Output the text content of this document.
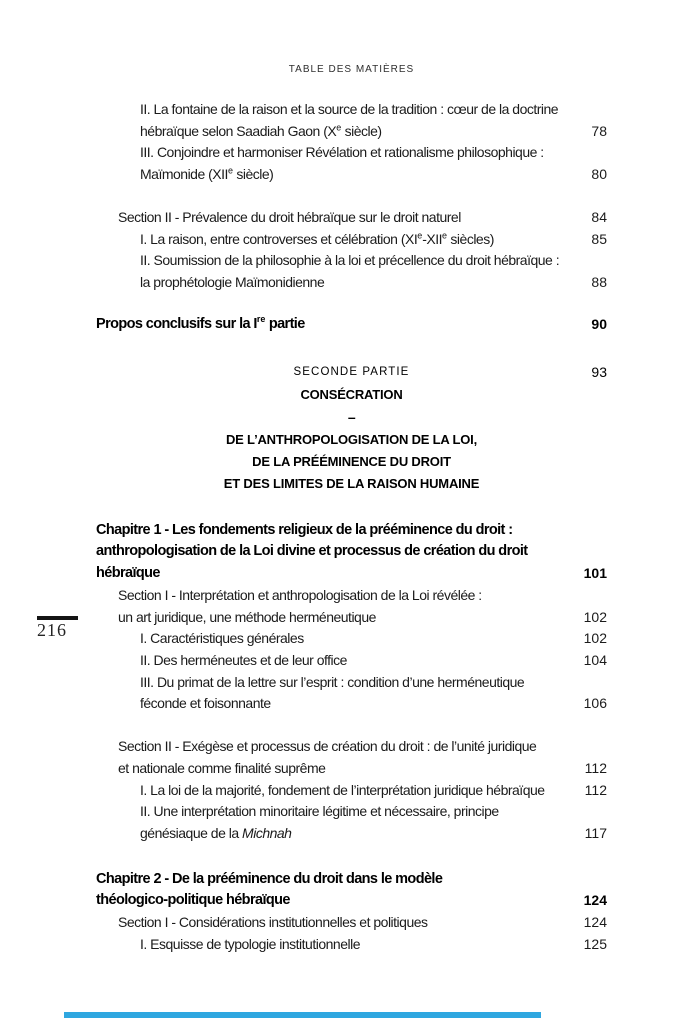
TABLE DES MATIÈRES
II. La fontaine de la raison et la source de la tradition : cœur de la doctrine
hébraïque selon Saadiah Gaon (Xe siècle)	78
III. Conjoindre et harmoniser Révélation et rationalisme philosophique :
Maïmonide (XIIe siècle)	80
Section II - Prévalence du droit hébraïque sur le droit naturel	84
I. La raison, entre controverses et célébration (XIe-XIIe siècles)	85
II. Soumission de la philosophie à la loi et précellence du droit hébraïque :
la prophétologie Maïmonidienne	88
Propos conclusifs sur la Ire partie	90
SECONDE PARTIE	93
CONSÉCRATION
–
DE L’ANTHROPOLOGISATION DE LA LOI,
DE LA PRÉÉMINENCE DU DROIT
ET DES LIMITES DE LA RAISON HUMAINE
Chapitre 1 - Les fondements religieux de la prééminence du droit :
anthropologisation de la Loi divine et processus de création du droit
hébraïque	101
Section I - Interprétation et anthropologisation de la Loi révélée :
un art juridique, une méthode herméneutique	102
I. Caractéristiques générales	102
II. Des herméneutes et de leur office	104
III. Du primat de la lettre sur l’esprit : condition d’une herméneutique
féconde et foisonnante	106
Section II - Exégèse et processus de création du droit : de l’unité juridique
et nationale comme finalité suprême	112
I. La loi de la majorité, fondement de l’interprétation juridique hébraïque	112
II. Une interprétation minoritaire légitime et nécessaire, principe
génésiaque de la Michnah	117
Chapitre 2 - De la prééminence du droit dans le modèle
théologico-politique hébraïque	124
Section I - Considérations institutionnelles et politiques	124
I. Esquisse de typologie institutionnelle	125
216
